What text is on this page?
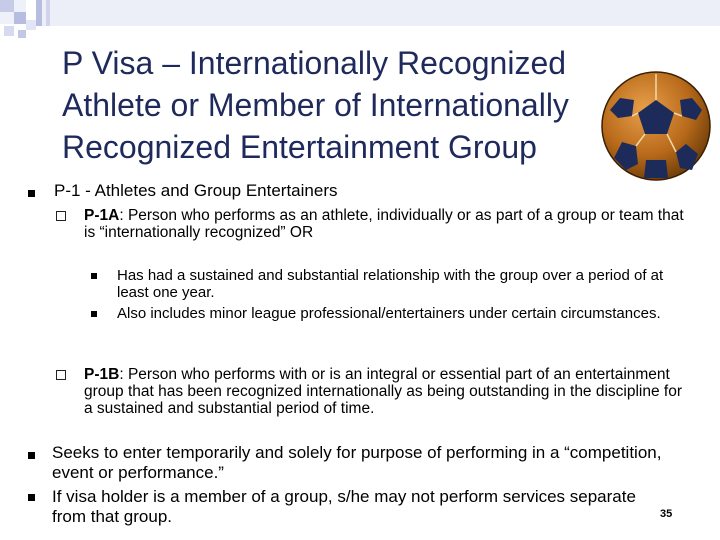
P Visa – Internationally Recognized Athlete or Member of Internationally Recognized Entertainment Group
P-1 - Athletes and Group Entertainers
P-1A: Person who performs as an athlete, individually or as part of a group or team that is “internationally recognized” OR
Has had a sustained and substantial relationship with the group over a period of at least one year.
Also includes minor league professional/entertainers under certain circumstances.
P-1B: Person who performs with or is an integral or essential part of an entertainment group that has been recognized internationally as being outstanding in the discipline for a sustained and substantial period of time.
Seeks to enter temporarily and solely for purpose of performing in a “competition, event or performance.”
If visa holder is a member of a group, s/he may not perform services separate from that group.	35
